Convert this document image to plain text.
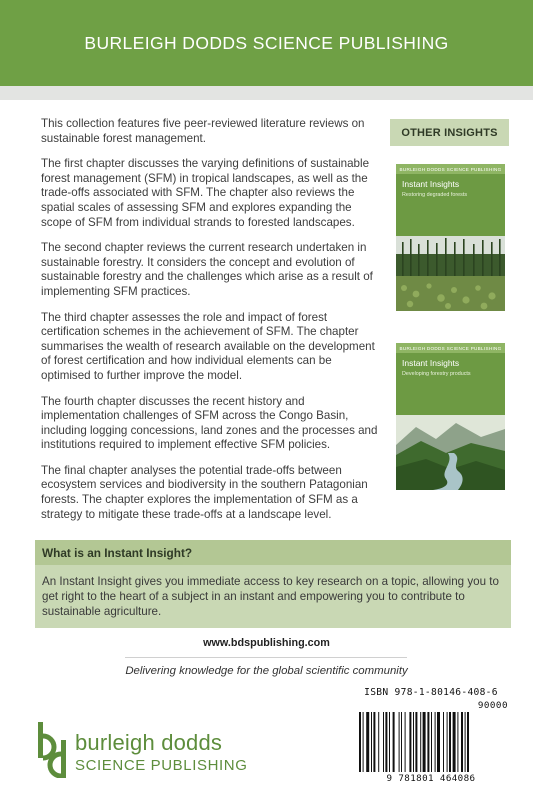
BURLEIGH DODDS SCIENCE PUBLISHING

This collection features five peer-reviewed literature reviews on sustainable forest management.

The first chapter discusses the varying definitions of sustainable forest management (SFM) in tropical landscapes, as well as the trade-offs associated with SFM. The chapter also reviews the spatial scales of assessing SFM and explores expanding the scope of SFM from individual strands to forested landscapes.

The second chapter reviews the current research undertaken in sustainable forestry. It considers the concept and evolution of sustainable forestry and the challenges which arise as a result of implementing SFM practices.

The third chapter assesses the role and impact of forest certification schemes in the achievement of SFM. The chapter summarises the wealth of research available on the development of forest certification and how individual elements can be optimised to further improve the model.

The fourth chapter discusses the recent history and implementation challenges of SFM across the Congo Basin, including logging concessions, land zones and the processes and institutions required to implement effective SFM policies.

The final chapter analyses the potential trade-offs between ecosystem services and biodiversity in the southern Patagonian forests. The chapter explores the implementation of SFM as a strategy to mitigate these trade-offs at a landscape level.

OTHER INSIGHTS
BURLEIGH DODDS SCIENCE PUBLISHING
Instant Insights
Restoring degraded forests
BURLEIGH DODDS SCIENCE PUBLISHING
Instant Insights
Developing forestry products
What is an Instant Insight?
An Instant Insight gives you immediate access to key research on a topic, allowing you to get right to the heart of a subject in an instant and empowering you to contribute to sustainable agriculture.
www.bdspublishing.com
Delivering knowledge for the global scientific community
burleigh dodds
SCIENCE PUBLISHING
ISBN 978-1-80146-408-6
90000
9 781801 464086
